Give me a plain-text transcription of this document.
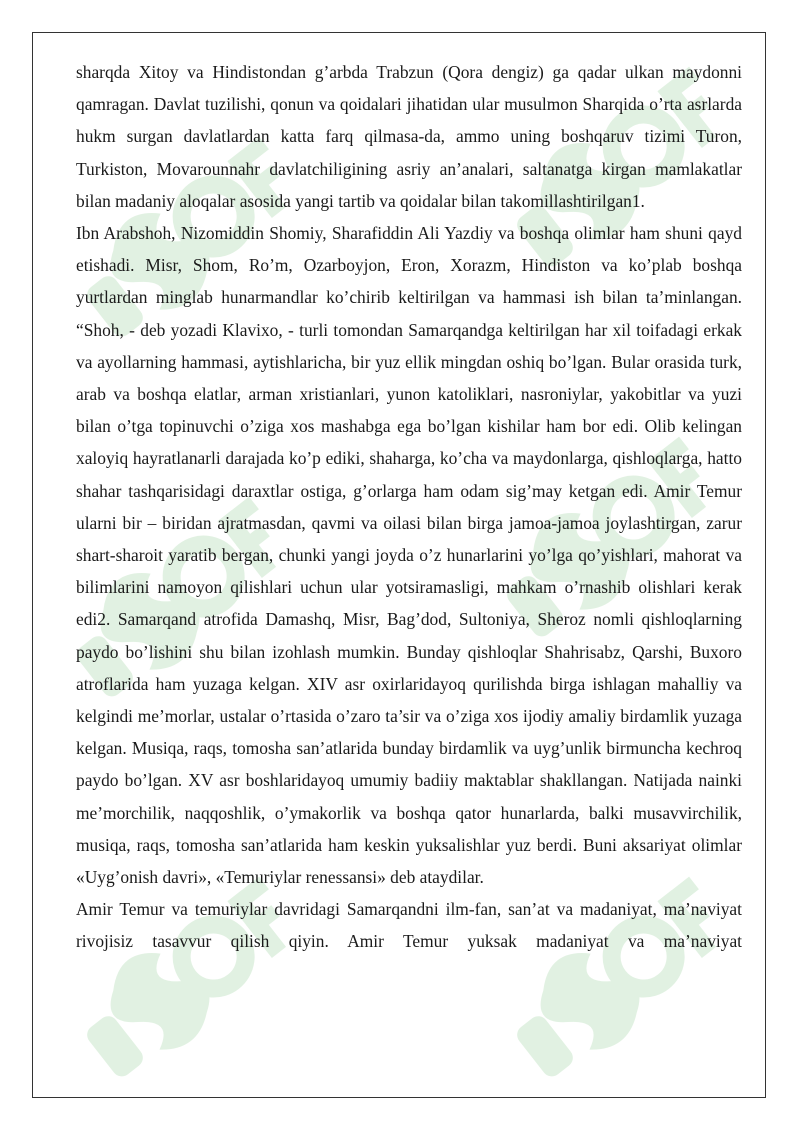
sharqda Xitoy va Hindistondan g’arbda Trabzun (Qora dengiz) ga qadar ulkan maydonni qamragan. Davlat tuzilishi, qonun va qoidalari jihatidan ular musulmon Sharqida o’rta asrlarda hukm surgan davlatlardan katta farq qilmasa-da, ammo uning boshqaruv tizimi Turon, Turkiston, Movarounnahr davlatchiligining asriy an’analari, saltanatga kirgan mamlakatlar bilan madaniy aloqalar asosida yangi tartib va qoidalar bilan takomillashtirilgan1.

Ibn Arabshoh, Nizomiddin Shomiy, Sharafiddin Ali Yazdiy va boshqa olimlar ham shuni qayd etishadi. Misr, Shom, Ro’m, Ozarboyjon, Eron, Xorazm, Hindiston va ko’plab boshqa yurtlardan minglab hunarmandlar ko’chirib keltirilgan va hammasi ish bilan ta’minlangan. “Shoh, - deb yozadi Klavixo, - turli tomondan Samarqandga keltirilgan har xil toifadagi erkak va ayollarning hammasi, aytishlaricha, bir yuz ellik mingdan oshiq bo’lgan. Bular orasida turk, arab va boshqa elatlar, arman xristianlari, yunon katoliklari, nasroniylar, yakobitlar va yuzi bilan o’tga topinuvchi o’ziga xos mashabga ega bo’lgan kishilar ham bor edi. Olib kelingan xaloyiq hayratlanarli darajada ko’p ediki, shaharga, ko’cha va maydonlarga, qishloqlarga, hatto shahar tashqarisidagi daraxtlar ostiga, g’orlarga ham odam sig’may ketgan edi. Amir Temur ularni bir – biridan ajratmasdan, qavmi va oilasi bilan birga jamoa-jamoa joylashtirgan, zarur shart-sharoit yaratib bergan, chunki yangi joyda o’z hunarlarini yo’lga qo’yishlari, mahorat va bilimlarini namoyon qilishlari uchun ular yotsiramasligi, mahkam o’rnashib olishlari kerak edi2. Samarqand atrofida Damashq, Misr, Bag’dod, Sultoniya, Sheroz nomli qishloqlarning paydo bo’lishini shu bilan izohlash mumkin. Bunday qishloqlar Shahrisabz, Qarshi, Buxoro atroflarida ham yuzaga kelgan. XIV asr oxirlaridayoq qurilishda birga ishlagan mahalliy va kelgindi me’morlar, ustalar o’rtasida o’zaro ta’sir va o’ziga xos ijodiy amaliy birdamlik yuzaga kelgan. Musiqa, raqs, tomosha san’atlarida bunday birdamlik va uyg’unlik birmuncha kechroq paydo bo’lgan. XV asr boshlaridayoq umumiy badiiy maktablar shakllangan. Natijada nainki me’morchilik, naqqoshlik, o’ymakorlik va boshqa qator hunarlarda, balki musavvirchilik, musiqa, raqs, tomosha san’atlarida ham keskin yuksalishlar yuz berdi. Buni aksariyat olimlar «Uyg’onish davri», «Temuriylar renessansi» deb ataydilar.

Amir Temur va temuriylar davridagi Samarqandni ilm-fan, san’at va madaniyat, ma’naviyat rivojisiz tasavvur qilish qiyin. Amir Temur yuksak madaniyat va ma’naviyat
